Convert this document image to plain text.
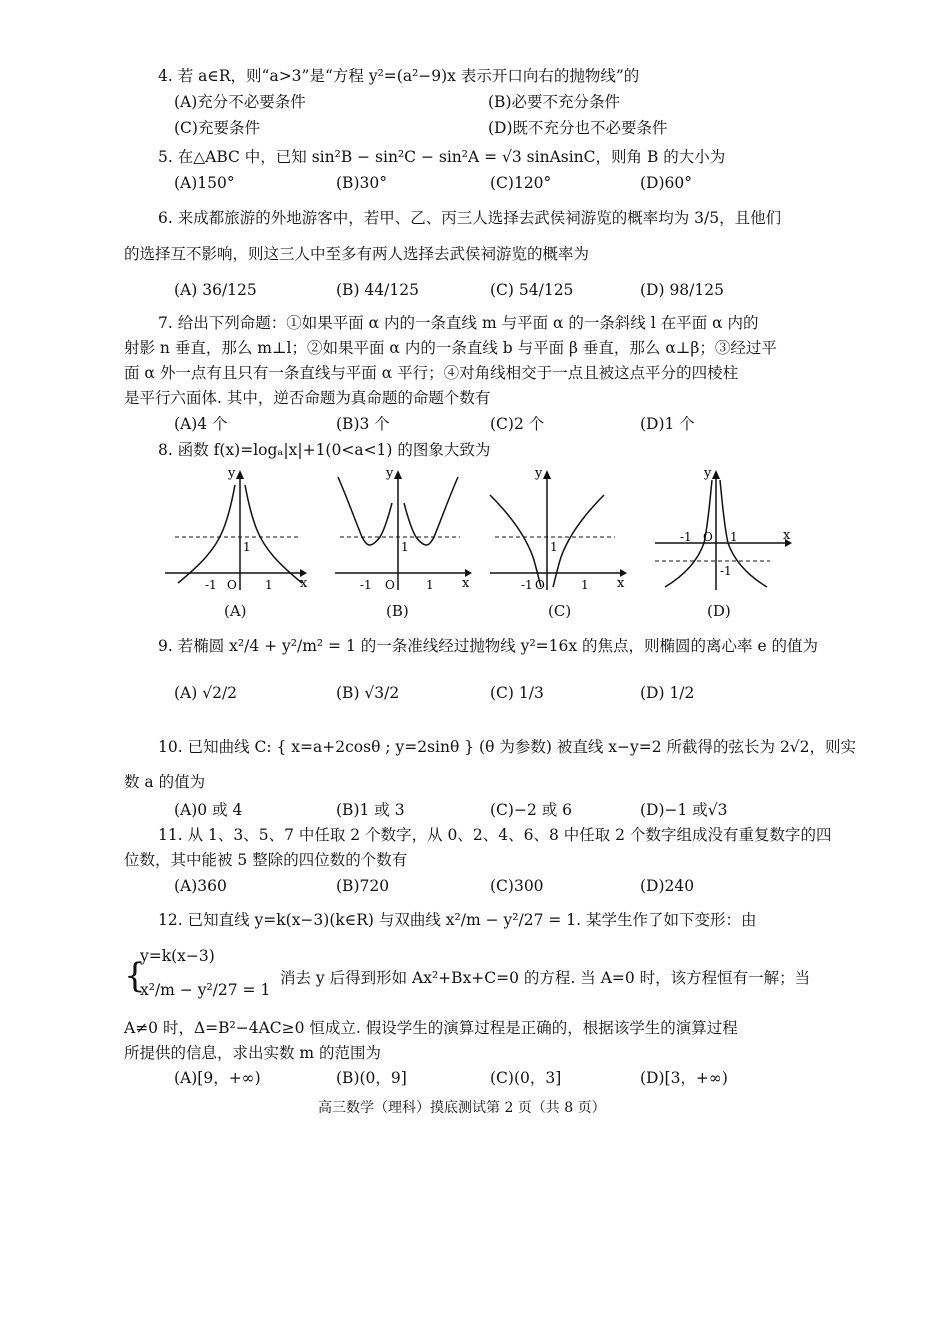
4. 若 a∈R，则“a>3”是“方程 y²=(a²−9)x 表示开口向右的抛物线”的
(A)充分不必要条件	(B)必要不充分条件
(C)充要条件	(D)既不充分也不必要条件
5. 在△ABC 中，已知 sin²B − sin²C − sin²A = √3 sinAsinC，则角 B 的大小为
(A)150°	(B)30°	(C)120°	(D)60°
6. 来成都旅游的外地游客中，若甲、乙、丙三人选择去武侯祠游览的概率均为 3/5，且他们
的选择互不影响，则这三人中至多有两人选择去武侯祠游览的概率为
(A) 36/125	(B) 44/125	(C) 54/125	(D) 98/125
7. 给出下列命题：①如果平面 α 内的一条直线 m 与平面 α 的一条斜线 l 在平面 α 内的
射影 n 垂直，那么 m⊥l；②如果平面 α 内的一条直线 b 与平面 β 垂直，那么 α⊥β；③经过平
面 α 外一点有且只有一条直线与平面 α 平行；④对角线相交于一点且被这点平分的四棱柱
是平行六面体. 其中，逆否命题为真命题的命题个数有
(A)4 个	(B)3 个	(C)2 个	(D)1 个
8. 函数 f(x)=logₐ|x|+1(0<a<1) 的图象大致为
y
x
1
-1 O 1
(A)
y
x
1
-1 O	1
(B)
y
x
1
-1 O	1
(C)
y
x
-1 O 1
-1
(D)
9. 若椭圆 x²/4 + y²/m² = 1 的一条准线经过抛物线 y²=16x 的焦点，则椭圆的离心率 e 的值为
(A) √2/2	(B) √3/2	(C) 1/3	(D) 1/2
10. 已知曲线 C: { x=a+2cosθ ; y=2sinθ } (θ 为参数) 被直线 x−y=2 所截得的弦长为 2√2，则实
数 a 的值为
(A)0 或 4	(B)1 或 3	(C)−2 或 6	(D)−1 或√3
11. 从 1、3、5、7 中任取 2 个数字，从 0、2、4、6、8 中任取 2 个数字组成没有重复数字的四
位数，其中能被 5 整除的四位数的个数有
(A)360	(B)720	(C)300	(D)240
12. 已知直线 y=k(x−3)(k∈R) 与双曲线 x²/m − y²/27 = 1. 某学生作了如下变形：由
{
y=k(x−3)
x²/m − y²/27 = 1
消去 y 后得到形如 Ax²+Bx+C=0 的方程. 当 A=0 时，该方程恒有一解；当
A≠0 时，Δ=B²−4AC≥0 恒成立. 假设学生的演算过程是正确的，根据该学生的演算过程
所提供的信息，求出实数 m 的范围为
(A)[9，+∞)	(B)(0，9]	(C)(0，3]	(D)[3，+∞)
高三数学（理科）摸底测试第 2 页（共 8 页）
